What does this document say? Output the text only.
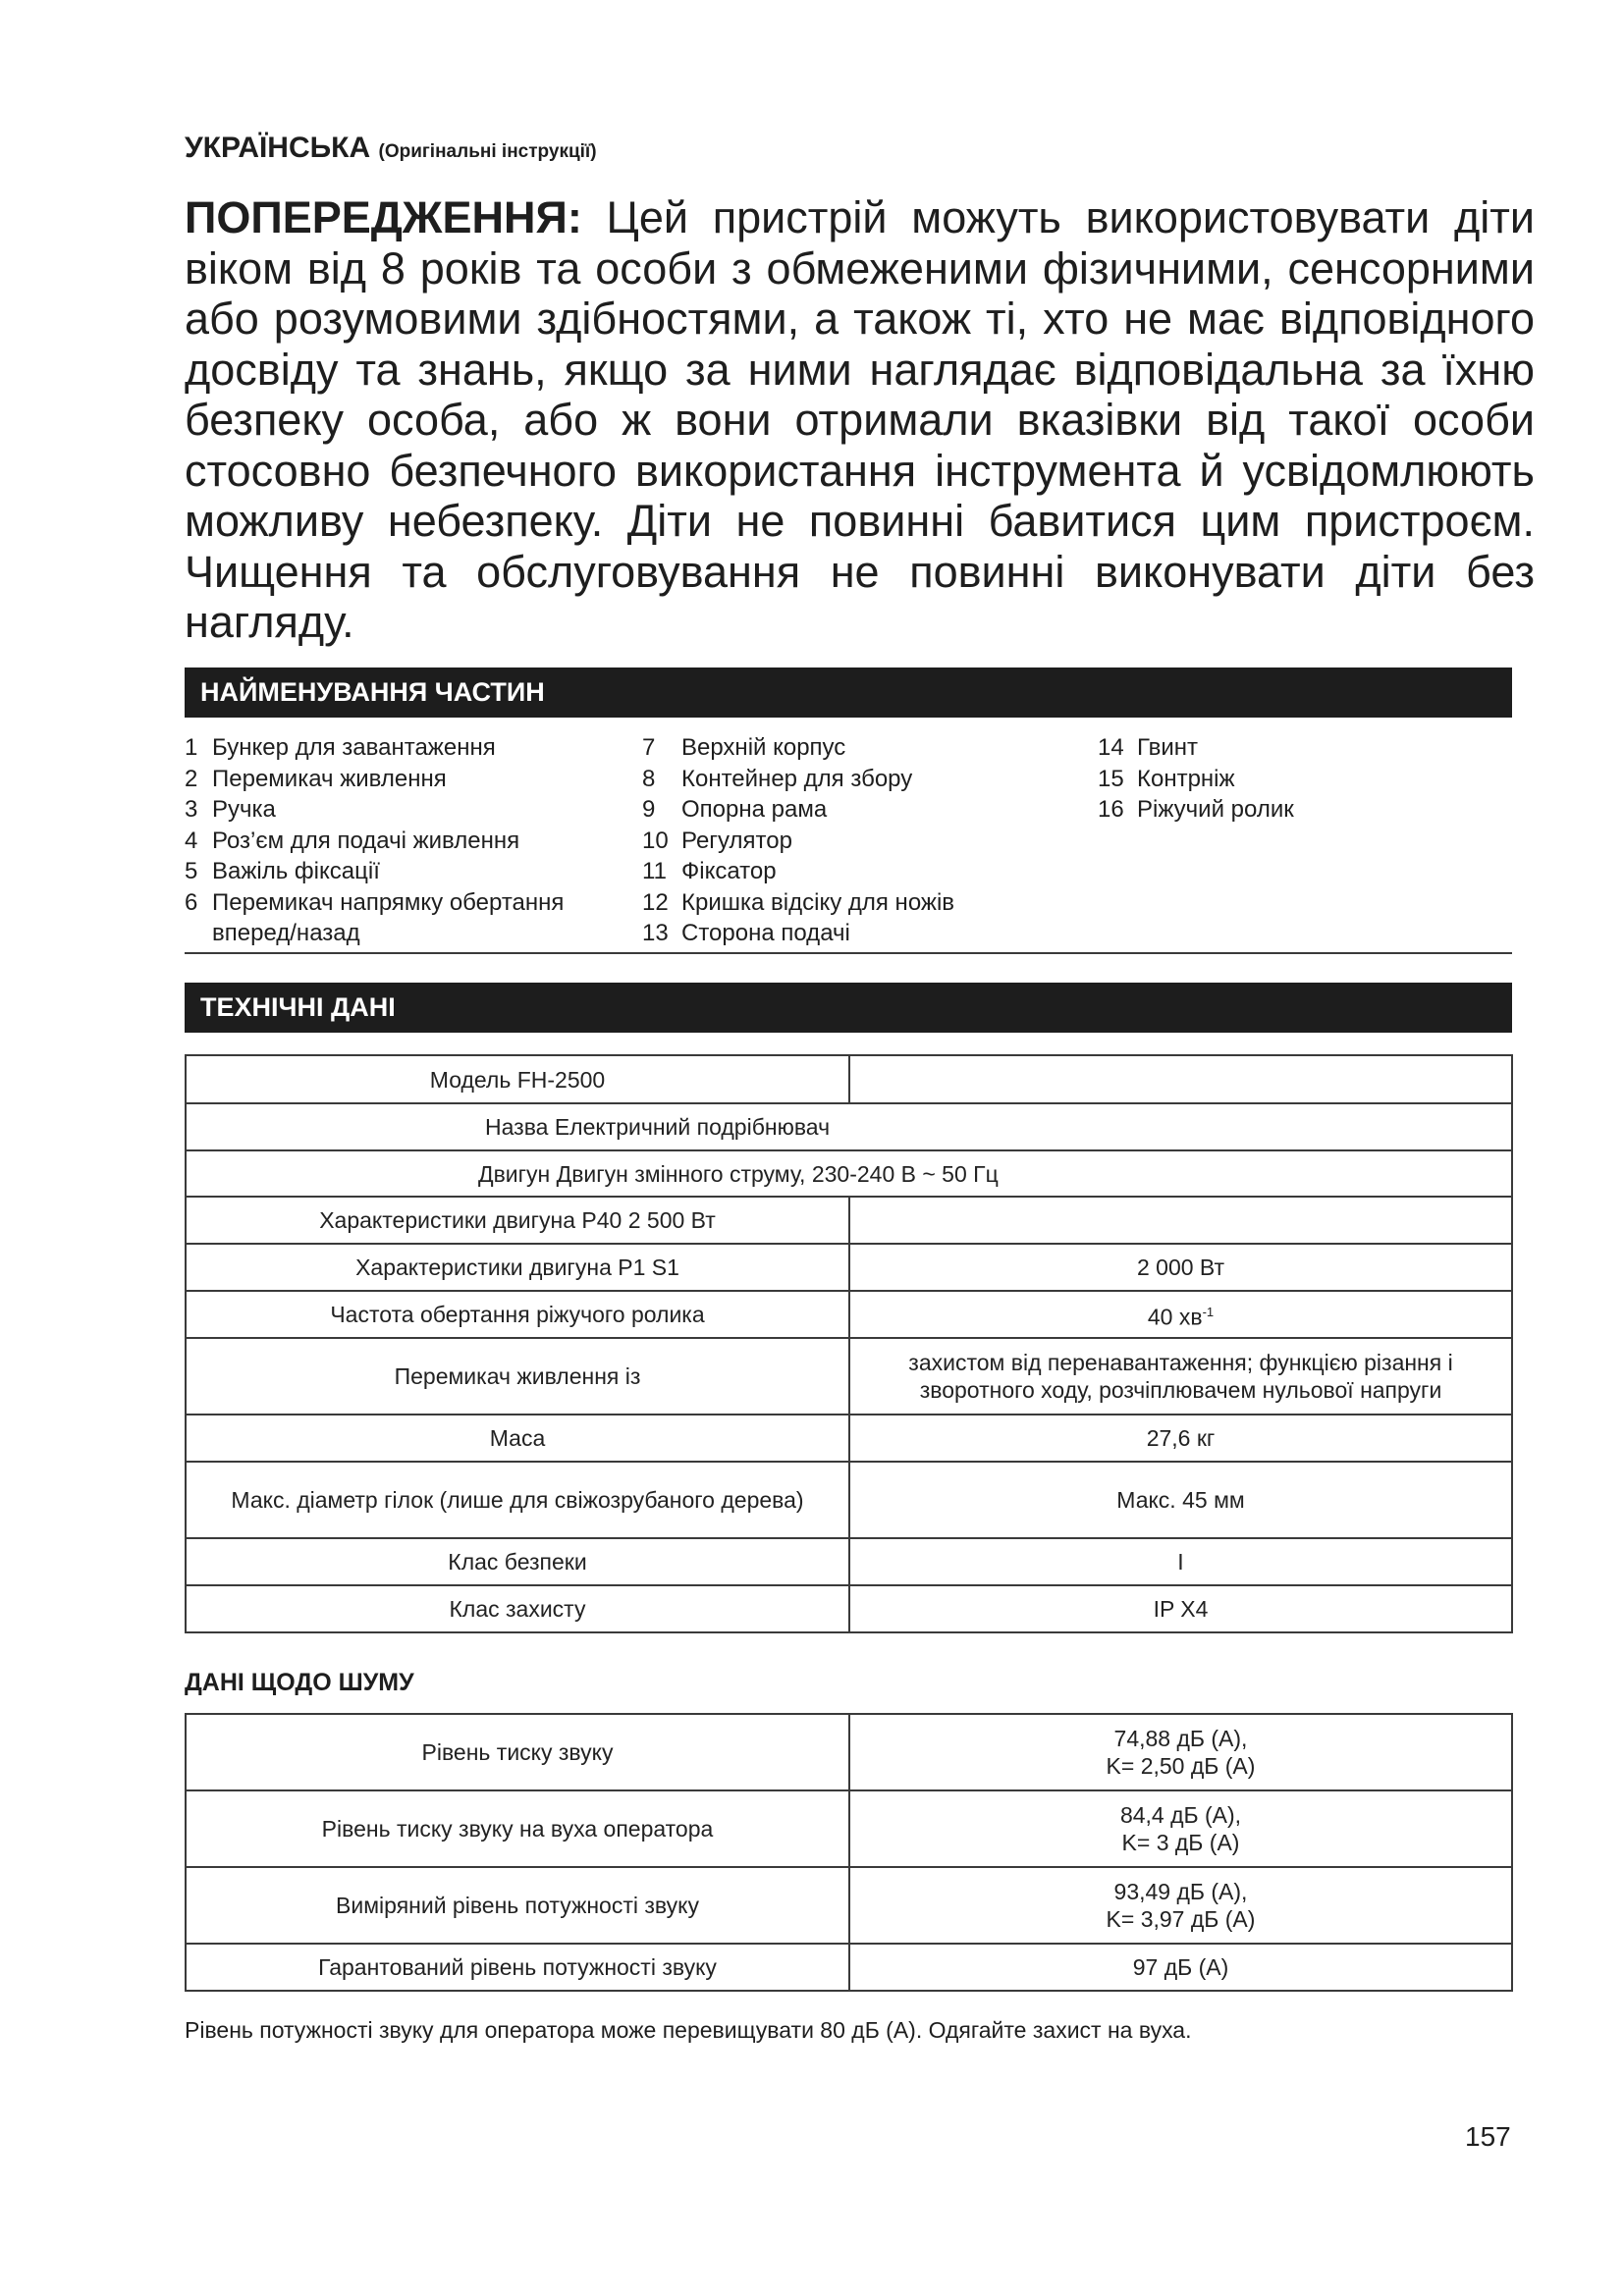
УКРАЇНСЬКА (Оригінальні інструкції)
ПОПЕРЕДЖЕННЯ: Цей пристрій можуть використовувати діти віком від 8 років та особи з обмеженими фізичними, сенсорними або розумовими здібностями, а також ті, хто не має відповідного досвіду та знань, якщо за ними наглядає відповідальна за їхню безпеку особа, або ж вони отримали вказівки від такої особи стосовно безпечного використання інструмента й усвідомлюють можливу небезпеку. Діти не повинні бавитися цим пристроєм. Чищення та обслуговування не повинні виконувати діти без нагляду.
НАЙМЕНУВАННЯ ЧАСТИН
1 Бункер для завантаження
2 Перемикач живлення
3 Ручка
4 Роз’єм для подачі живлення
5 Важіль фіксації
6 Перемикач напрямку обертання вперед/назад
7 Верхній корпус
8 Контейнер для збору
9 Опорна рама
10 Регулятор
11 Фіксатор
12 Кришка відсіку для ножів
13 Сторона подачі
14 Гвинт
15 Контрніж
16 Ріжучий ролик
ТЕХНІЧНІ ДАНІ
Модель FH-2500	
Назва Електричний подрібнювач	
Двигун Двигун змінного струму, 230-240 В ~ 50 Гц	
Характеристики двигуна P40 2 500 Вт	
Характеристики двигуна P1 S1	2 000 Вт
Частота обертання ріжучого ролика	40 $хв^{-1}$
Перемикач живлення із	захистом від перенавантаження; функцією різання і зворотного ходу, розчіплювачем нульової напруги
Маса	27,6 кг
Макс. діаметр гілок (лише для свіжозрубаного дерева)	Макс. 45 мм
Клас безпеки	I
Клас захисту	IP X4
ДАНІ ЩОДО ШУМУ
Рівень тиску звуку	74,88 дБ (A),
K= 2,50 дБ (A)

Рівень тиску звуку на вуха оператора	84,4 дБ (A),
K= 3 дБ (A)

Виміряний рівень потужності звуку	93,49 дБ (A),
K= 3,97 дБ (A)

Гарантований рівень потужності звуку	97 дБ (A)
Рівень потужності звуку для оператора може перевищувати 80 дБ (A). Одягайте захист на вуха.
157
